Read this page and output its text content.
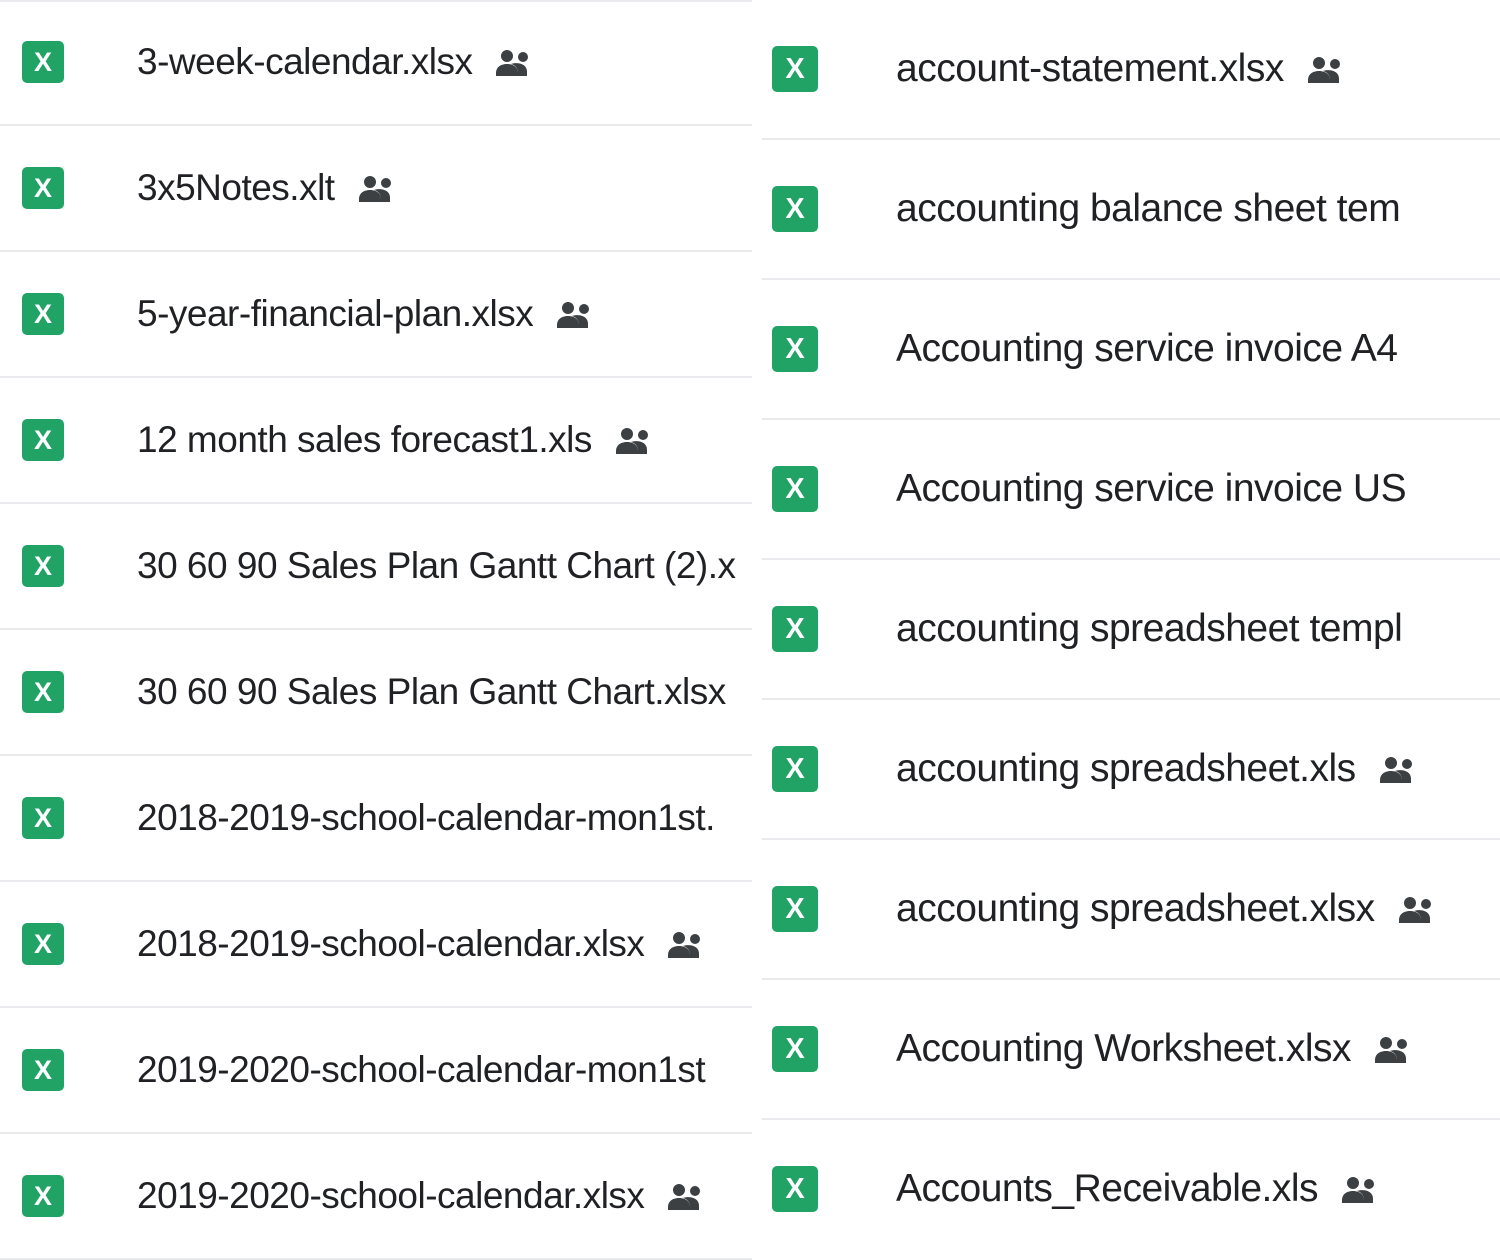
X	3-week-calendar.xlsx
X	3x5Notes.xlt
X	5-year-financial-plan.xlsx
X	12 month sales forecast1.xls
X	30 60 90 Sales Plan Gantt Chart (2).x
X	30 60 90 Sales Plan Gantt Chart.xlsx
X	2018-2019-school-calendar-mon1st.
X	2018-2019-school-calendar.xlsx
X	2019-2020-school-calendar-mon1st
X	2019-2020-school-calendar.xlsx
X	account-statement.xlsx
X	accounting balance sheet tem
X	Accounting service invoice A4
X	Accounting service invoice US
X	accounting spreadsheet templ
X	accounting spreadsheet.xls
X	accounting spreadsheet.xlsx
X	Accounting Worksheet.xlsx
X	Accounts_Receivable.xls
